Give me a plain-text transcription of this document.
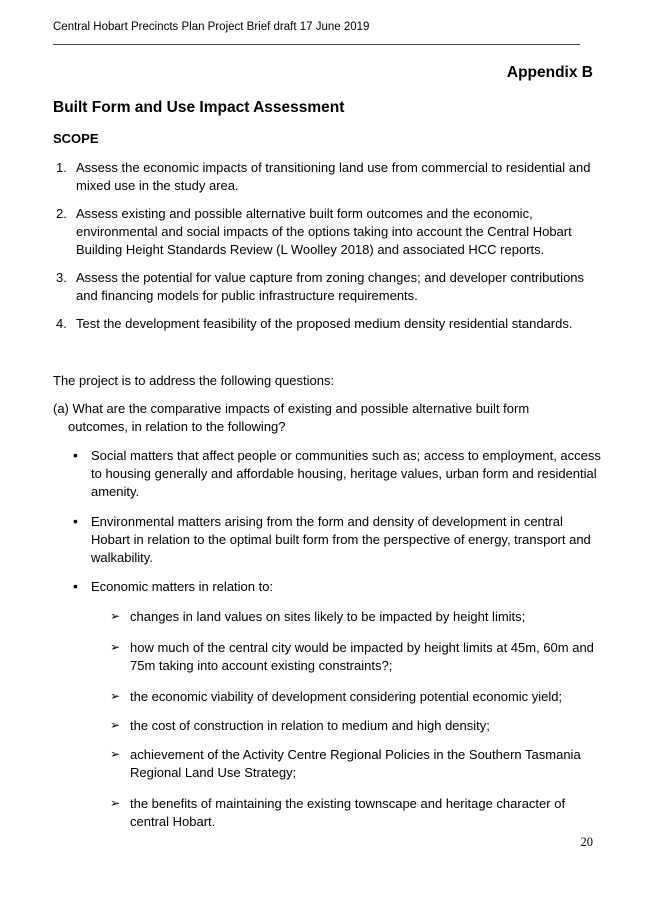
Central Hobart Precincts Plan Project Brief draft 17 June 2019
Appendix B
Built Form and Use Impact Assessment
SCOPE
1. Assess the economic impacts of transitioning land use from commercial to residential and mixed use in the study area.
2. Assess existing and possible alternative built form outcomes and the economic, environmental and social impacts of the options taking into account the Central Hobart Building Height Standards Review (L Woolley 2018) and associated HCC reports.
3. Assess the potential for value capture from zoning changes; and developer contributions and financing models for public infrastructure requirements.
4. Test the development feasibility of the proposed medium density residential standards.
The project is to address the following questions:
(a) What are the comparative impacts of existing and possible alternative built form outcomes, in relation to the following?
• Social matters that affect people or communities such as; access to employment, access to housing generally and affordable housing, heritage values, urban form and residential amenity.
• Environmental matters arising from the form and density of development in central Hobart in relation to the optimal built form from the perspective of energy, transport and walkability.
• Economic matters in relation to:
➢ changes in land values on sites likely to be impacted by height limits;
➢ how much of the central city would be impacted by height limits at 45m, 60m and 75m taking into account existing constraints?;
➢ the economic viability of development considering potential economic yield;
➢ the cost of construction in relation to medium and high density;
➢ achievement of the Activity Centre Regional Policies in the Southern Tasmania Regional Land Use Strategy;
➢ the benefits of maintaining the existing townscape and heritage character of central Hobart.
20
